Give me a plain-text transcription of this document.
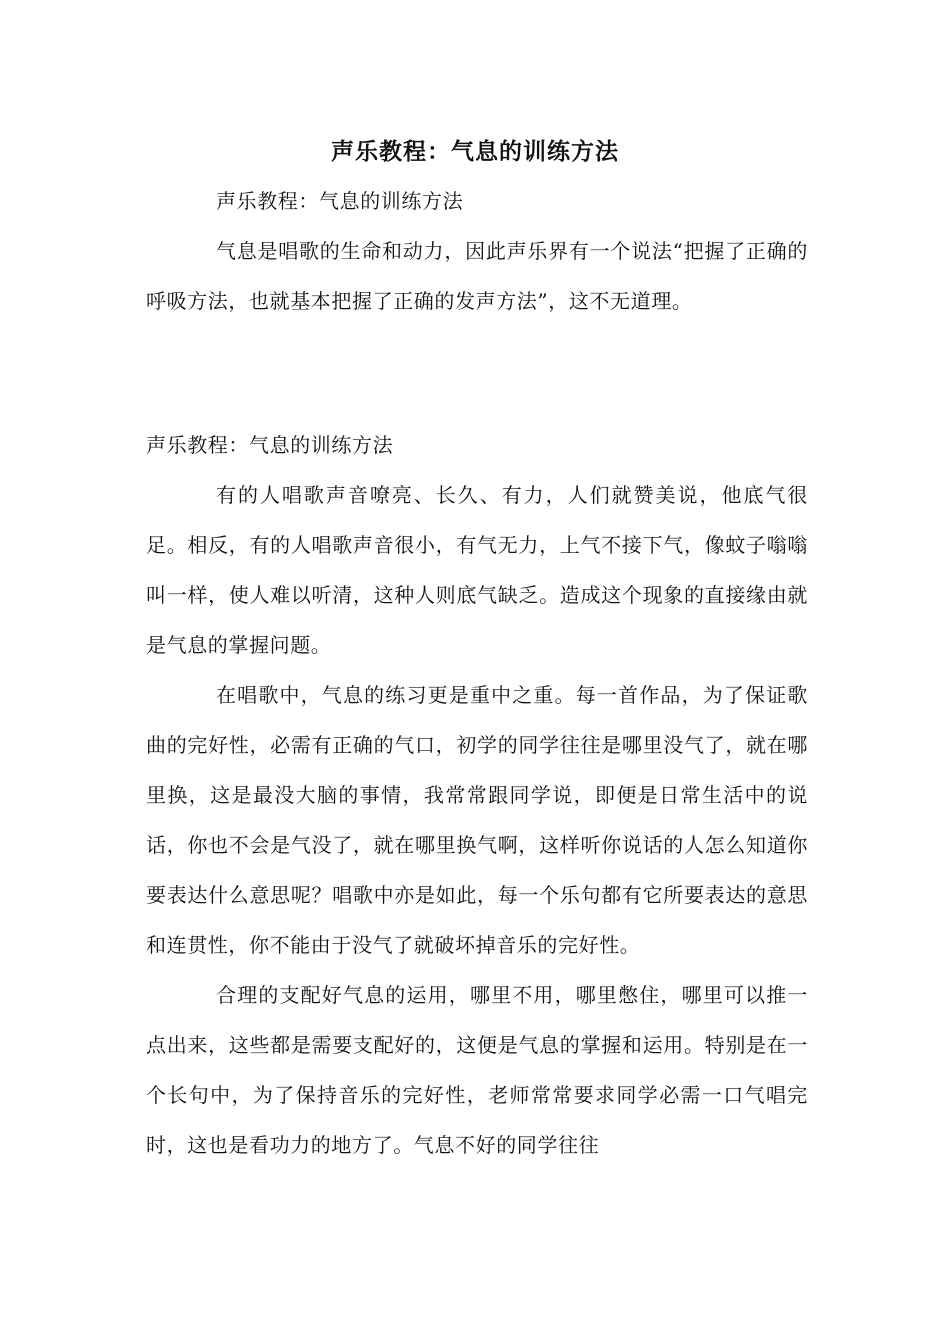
声乐教程：气息的训练方法

声乐教程：气息的训练方法

气息是唱歌的生命和动力，因此声乐界有一个说法“把握了正确的呼吸方法，也就基本把握了正确的发声方法”，这不无道理。

声乐教程：气息的训练方法

有的人唱歌声音嘹亮、长久、有力，人们就赞美说，他底气很足。相反，有的人唱歌声音很小，有气无力，上气不接下气，像蚊子嗡嗡叫一样，使人难以听清，这种人则底气缺乏。造成这个现象的直接缘由就是气息的掌握问题。

在唱歌中，气息的练习更是重中之重。每一首作品，为了保证歌曲的完好性，必需有正确的气口，初学的同学往往是哪里没气了，就在哪里换，这是最没大脑的事情，我常常跟同学说，即便是日常生活中的说话，你也不会是气没了，就在哪里换气啊，这样听你说话的人怎么知道你要表达什么意思呢？唱歌中亦是如此，每一个乐句都有它所要表达的意思和连贯性，你不能由于没气了就破坏掉音乐的完好性。

合理的支配好气息的运用，哪里不用，哪里憋住，哪里可以推一点出来，这些都是需要支配好的，这便是气息的掌握和运用。特别是在一个长句中，为了保持音乐的完好性，老师常常要求同学必需一口气唱完时，这也是看功力的地方了。气息不好的同学往往
